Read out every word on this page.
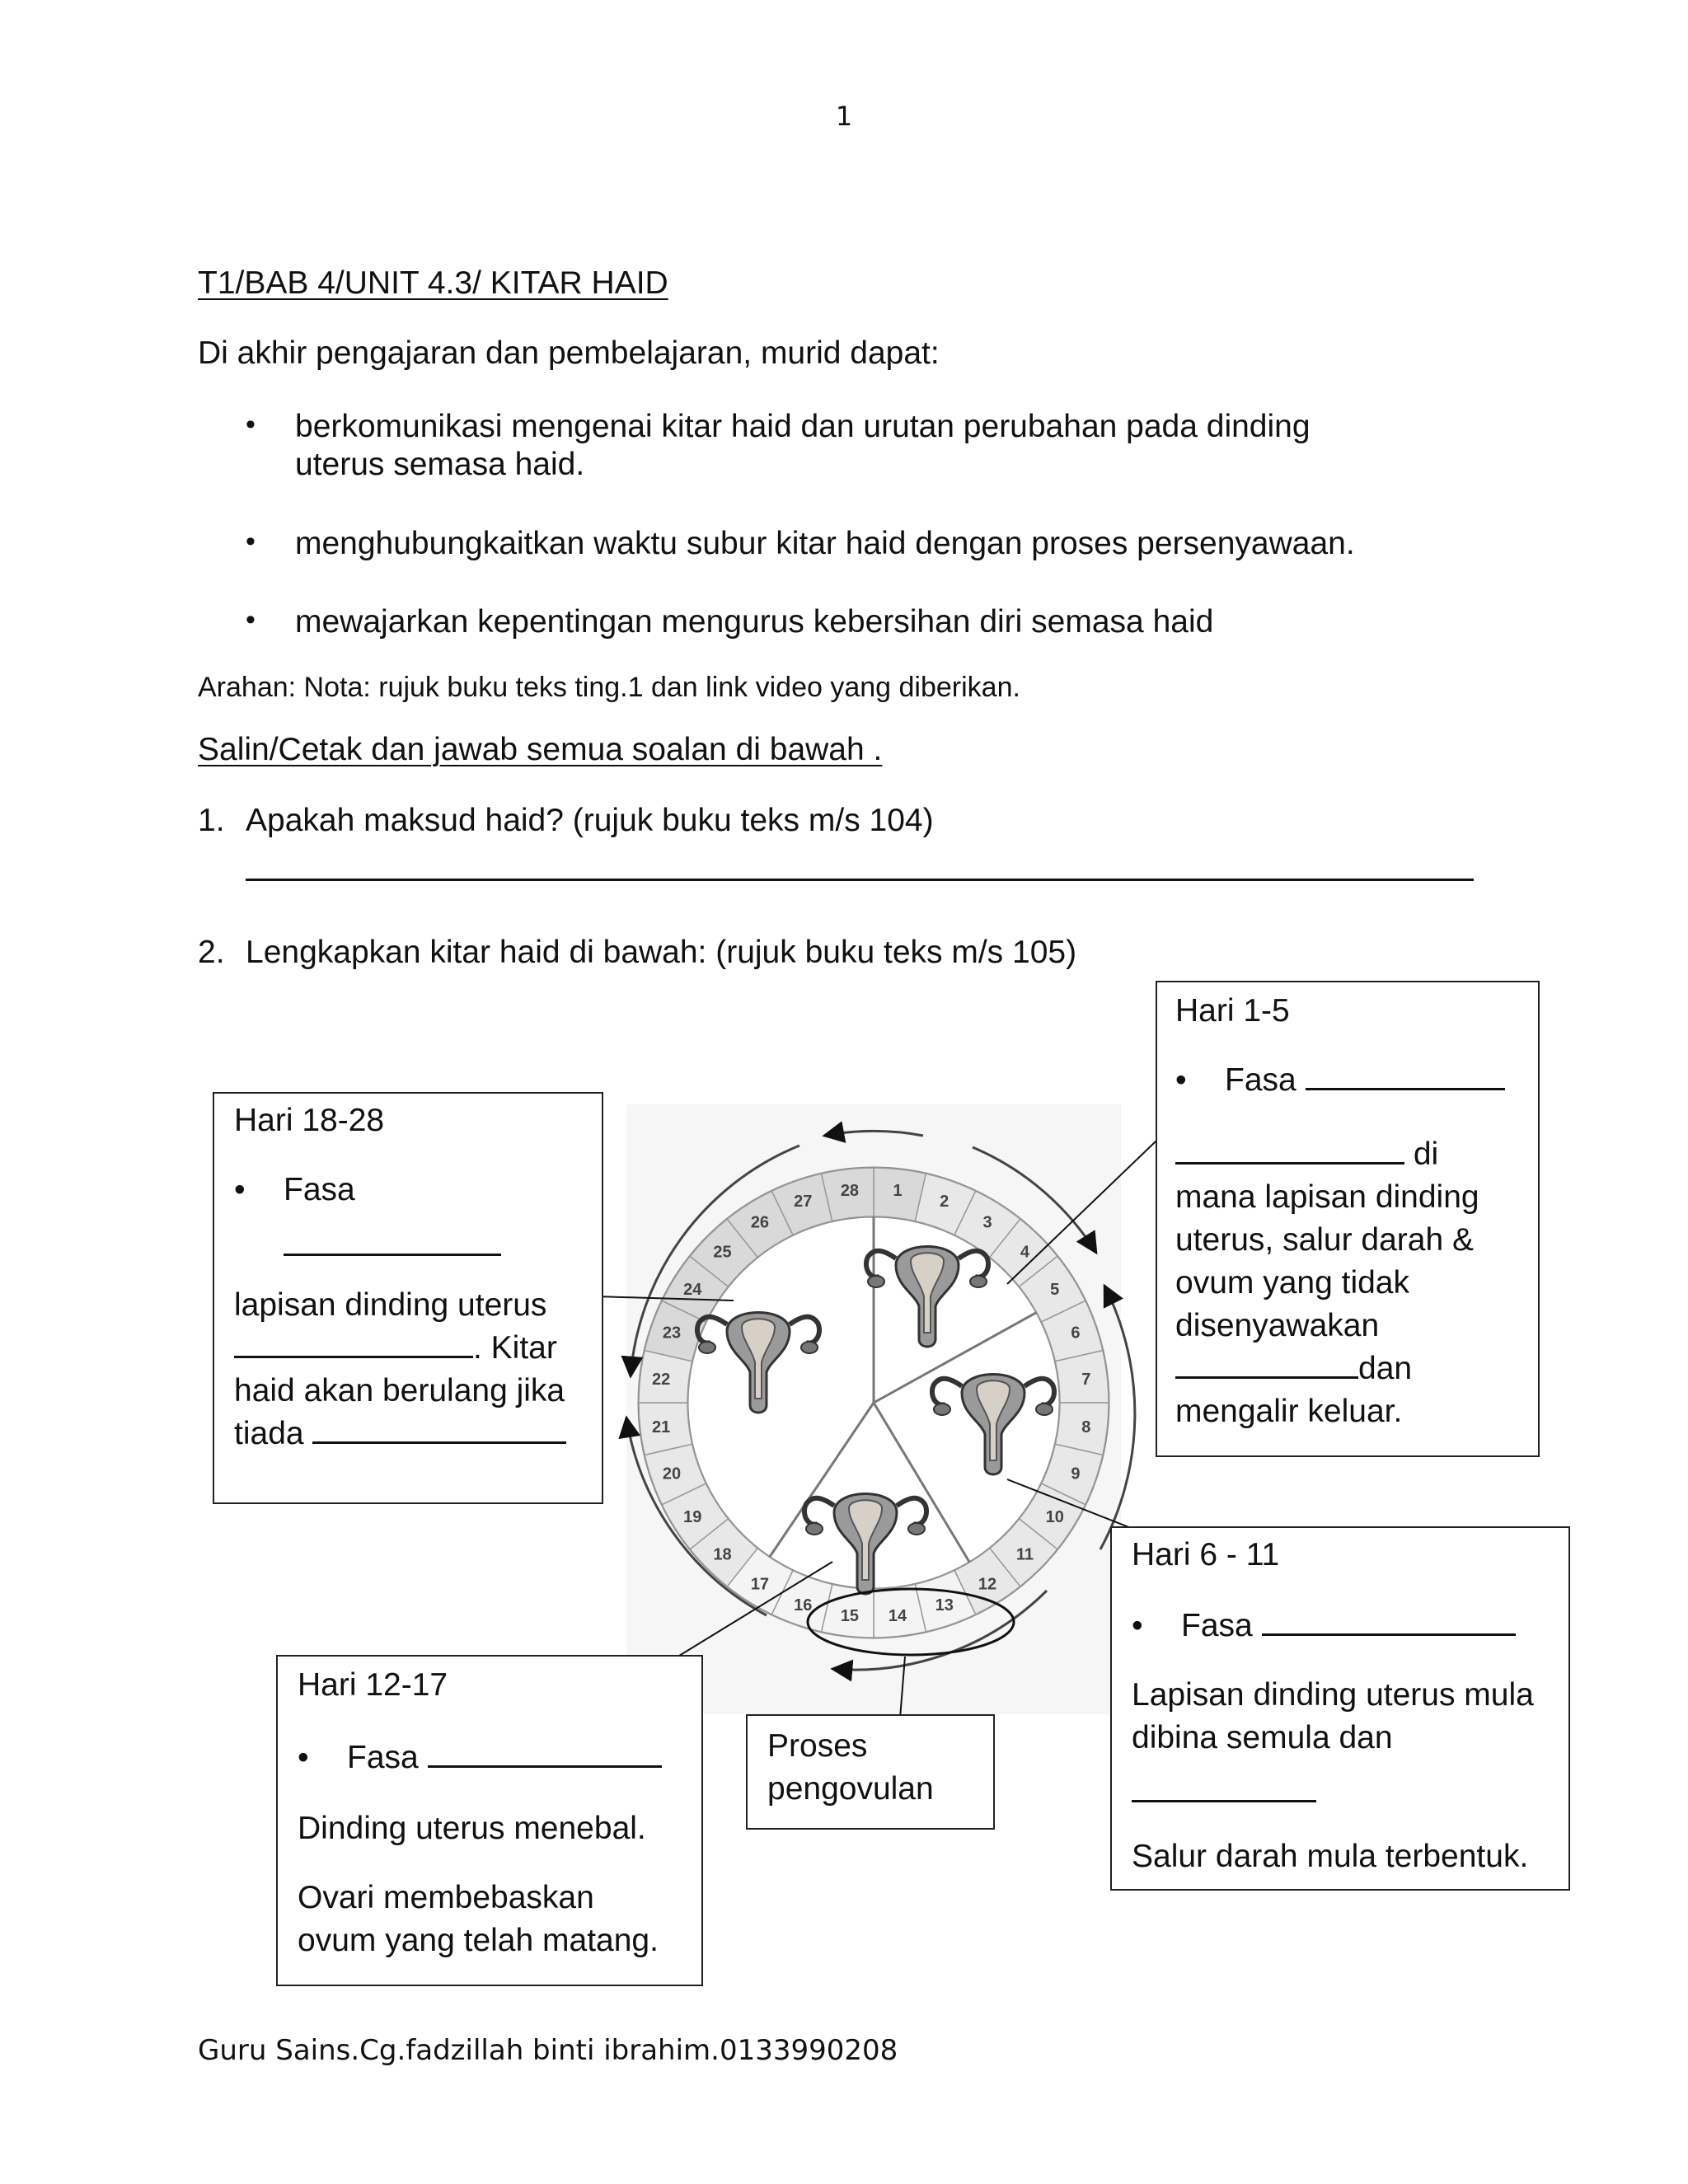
1
T1/BAB 4/UNIT 4.3/ KITAR HAID
Di akhir pengajaran dan pembelajaran, murid dapat:
• berkomunikasi mengenai kitar haid dan urutan perubahan pada dinding
uterus semasa haid.
• menghubungkaitkan waktu subur kitar haid dengan proses persenyawaan.
• mewajarkan kepentingan mengurus kebersihan diri semasa haid
Arahan: Nota: rujuk buku teks ting.1 dan link video yang diberikan.
Salin/Cetak dan jawab semua soalan di bawah .
1. Apakah maksud haid? (rujuk buku teks m/s 104)
2. Lengkapkan kitar haid di bawah: (rujuk buku teks m/s 105)
1
2
3
4
5
6
7
8
9
10
11
12
13
14
15
16
17
18
19
20
21
22
23
24
25
26
27
28
Hari 1-5
• Fasa
di
mana lapisan dinding
uterus, salur darah &
ovum yang tidak
disenyawakan
dan
mengalir keluar.
Hari 18-28
• Fasa
lapisan dinding uterus
. Kitar
haid akan berulang jika
tiada
Hari 6 - 11
• Fasa
Lapisan dinding uterus mula
dibina semula dan
Salur darah mula terbentuk.
Hari 12-17
• Fasa
Dinding uterus menebal.
Ovari membebaskan
ovum yang telah matang.
Proses
pengovulan
Guru Sains.Cg.fadzillah binti ibrahim.0133990208
